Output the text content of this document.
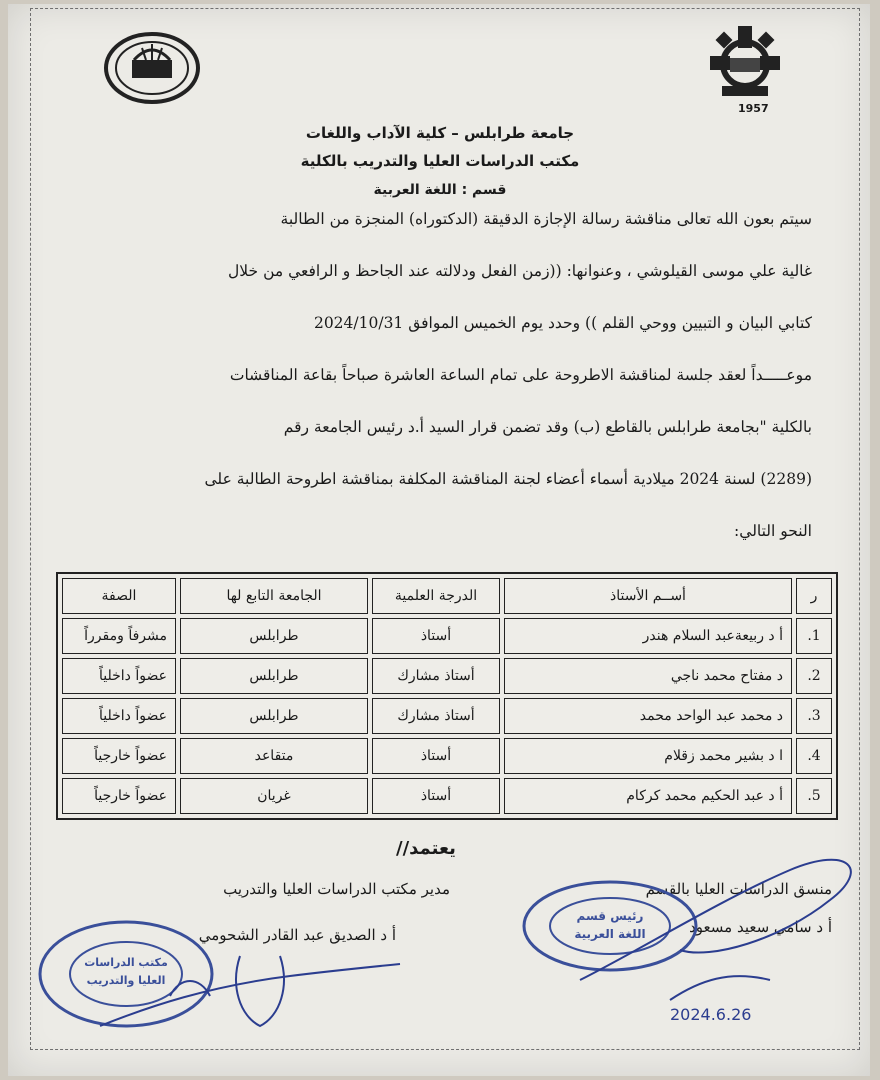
1957
جامعة طرابلس – كلية الآداب واللغات
مكتب الدراسات العليا والتدريب بالكلية
قسم : اللغة العربية
سيتم بعون الله تعالى مناقشة رسالة الإجازة الدقيقة (الدكتوراه) المنجزة من الطالبة
غالية علي موسى القيلوشي ، وعنوانها: ((زمن الفعل ودلالته عند الجاحظ و الرافعي من خلال
كتابي البيان و التبيين ووحي القلم )) وحدد يوم الخميس الموافق 2024/10/31
موعـــــداً لعقد جلسة لمناقشة الاطروحة على تمام الساعة العاشرة صباحاً بقاعة المناقشات
بالكلية "بجامعة طرابلس بالقاطع (ب) وقد تضمن قرار السيد أ.د رئيس الجامعة رقم
(2289) لسنة 2024 ميلادية أسماء أعضاء لجنة المناقشة المكلفة بمناقشة اطروحة الطالبة على
النحو التالي:
ر	أســم الأستاذ	الدرجة العلمية	الجامعة التابع لها	الصفة
1.	أ د ربيعةعبد السلام هندر	أستاذ	طرابلس	مشرفاً ومقرراً
2.	د مفتاح محمد ناجي	أستاذ مشارك	طرابلس	عضواً داخلياً
3.	د محمد عبد الواحد محمد	أستاذ مشارك	طرابلس	عضواً داخلياً
4.	ا د بشير محمد زقلام	أستاذ	متقاعد	عضواً خارجياً
5.	أ د عبد الحكيم محمد كركام	أستاذ	غريان	عضواً خارجياً
يعتمد//
منسق الدراسات العليا بالقسم
أ د سامي سعيد مسعود
مدير مكتب الدراسات العليا والتدريب
أ د الصديق عبد القادر الشحومي
رئيس قسم
اللغة العربية
مكتب الدراسات
العليا والتدريب
2024.6.26
